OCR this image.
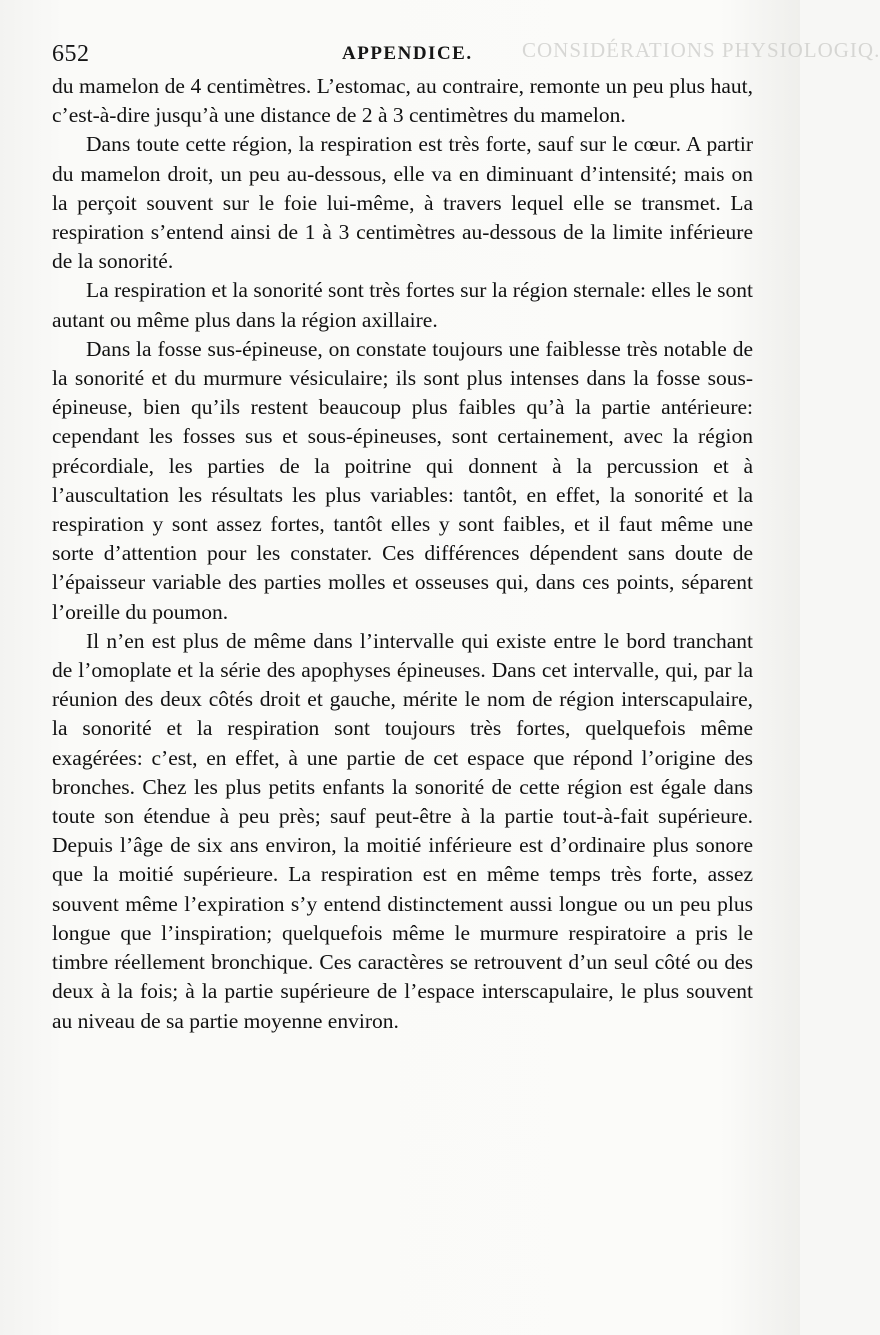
652	APPENDICE. CONSIDÉRATIONS PHYSIOLOGIQ.

du mamelon de 4 centimètres. L’estomac, au contraire, remonte un peu plus haut, c’est-à-dire jusqu’à une distance de 2 à 3 centimètres du mamelon.

Dans toute cette région, la respiration est très forte, sauf sur le cœur. A partir du mamelon droit, un peu au-dessous, elle va en diminuant d’intensité; mais on la perçoit souvent sur le foie lui-même, à travers lequel elle se transmet. La respiration s’entend ainsi de 1 à 3 centimètres au-dessous de la limite inférieure de la sonorité.

La respiration et la sonorité sont très fortes sur la région sternale: elles le sont autant ou même plus dans la région axillaire.

Dans la fosse sus-épineuse, on constate toujours une faiblesse très notable de la sonorité et du murmure vésiculaire; ils sont plus intenses dans la fosse sous-épineuse, bien qu’ils restent beaucoup plus faibles qu’à la partie antérieure: cependant les fosses sus et sous-épineuses, sont certainement, avec la région précordiale, les parties de la poitrine qui donnent à la percussion et à l’auscultation les résultats les plus variables: tantôt, en effet, la sonorité et la respiration y sont assez fortes, tantôt elles y sont faibles, et il faut même une sorte d’attention pour les constater. Ces différences dépendent sans doute de l’épaisseur variable des parties molles et osseuses qui, dans ces points, séparent l’oreille du poumon.

Il n’en est plus de même dans l’intervalle qui existe entre le bord tranchant de l’omoplate et la série des apophyses épineuses. Dans cet intervalle, qui, par la réunion des deux côtés droit et gauche, mérite le nom de région interscapulaire, la sonorité et la respiration sont toujours très fortes, quelquefois même exagérées: c’est, en effet, à une partie de cet espace que répond l’origine des bronches. Chez les plus petits enfants la sonorité de cette région est égale dans toute son étendue à peu près; sauf peut-être à la partie tout-à-fait supérieure. Depuis l’âge de six ans environ, la moitié inférieure est d’ordinaire plus sonore que la moitié supérieure. La respiration est en même temps très forte, assez souvent même l’expiration s’y entend distinctement aussi longue ou un peu plus longue que l’inspiration; quelquefois même le murmure respiratoire a pris le timbre réellement bronchique. Ces caractères se retrouvent d’un seul côté ou des deux à la fois; à la partie supérieure de l’espace interscapulaire, le plus souvent au niveau de sa partie moyenne environ.
